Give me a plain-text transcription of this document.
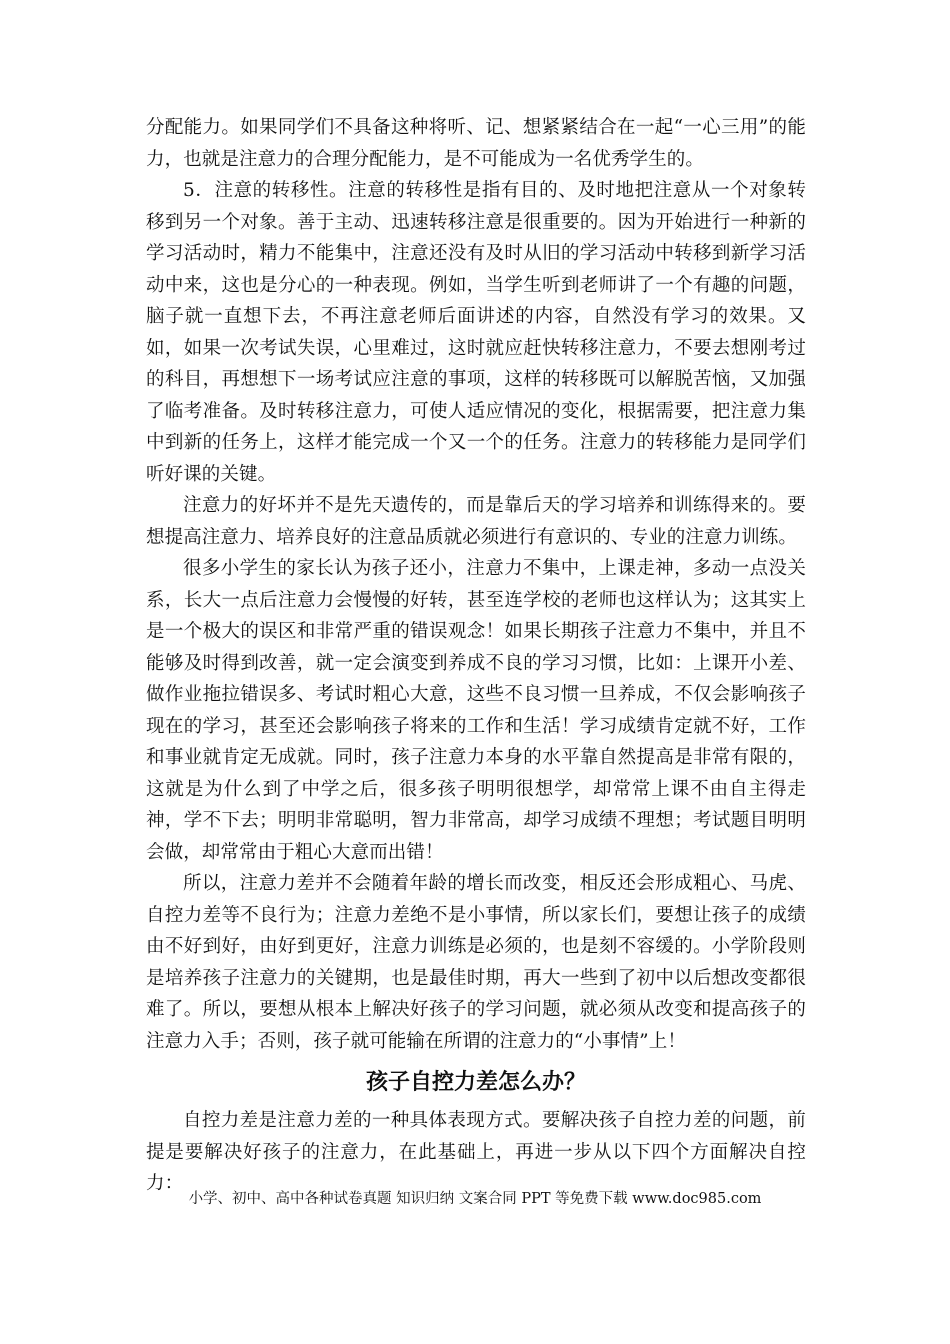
分配能力。如果同学们不具备这种将听、记、想紧紧结合在一起“一心三用”的能力，也就是注意力的合理分配能力，是不可能成为一名优秀学生的。

5．注意的转移性。注意的转移性是指有目的、及时地把注意从一个对象转移到另一个对象。善于主动、迅速转移注意是很重要的。因为开始进行一种新的学习活动时，精力不能集中，注意还没有及时从旧的学习活动中转移到新学习活动中来，这也是分心的一种表现。例如，当学生听到老师讲了一个有趣的问题，脑子就一直想下去，不再注意老师后面讲述的内容，自然没有学习的效果。又如，如果一次考试失误，心里难过，这时就应赶快转移注意力，不要去想刚考过的科目，再想想下一场考试应注意的事项，这样的转移既可以解脱苦恼，又加强了临考准备。及时转移注意力，可使人适应情况的变化，根据需要，把注意力集中到新的任务上，这样才能完成一个又一个的任务。注意力的转移能力是同学们听好课的关键。

注意力的好坏并不是先天遗传的，而是靠后天的学习培养和训练得来的。要想提高注意力、培养良好的注意品质就必须进行有意识的、专业的注意力训练。

很多小学生的家长认为孩子还小，注意力不集中，上课走神，多动一点没关系，长大一点后注意力会慢慢的好转，甚至连学校的老师也这样认为；这其实上是一个极大的误区和非常严重的错误观念！如果长期孩子注意力不集中，并且不能够及时得到改善，就一定会演变到养成不良的学习习惯，比如：上课开小差、做作业拖拉错误多、考试时粗心大意，这些不良习惯一旦养成，不仅会影响孩子现在的学习，甚至还会影响孩子将来的工作和生活！学习成绩肯定就不好，工作和事业就肯定无成就。同时，孩子注意力本身的水平靠自然提高是非常有限的，这就是为什么到了中学之后，很多孩子明明很想学，却常常上课不由自主得走神，学不下去；明明非常聪明，智力非常高，却学习成绩不理想；考试题目明明会做，却常常由于粗心大意而出错！

所以，注意力差并不会随着年龄的增长而改变，相反还会形成粗心、马虎、自控力差等不良行为；注意力差绝不是小事情，所以家长们，要想让孩子的成绩由不好到好，由好到更好，注意力训练是必须的，也是刻不容缓的。小学阶段则是培养孩子注意力的关键期，也是最佳时期，再大一些到了初中以后想改变都很难了。所以，要想从根本上解决好孩子的学习问题，就必须从改变和提高孩子的注意力入手；否则，孩子就可能输在所谓的注意力的“小事情”上！

孩子自控力差怎么办？

自控力差是注意力差的一种具体表现方式。要解决孩子自控力差的问题，前提是要解决好孩子的注意力，在此基础上，再进一步从以下四个方面解决自控力：

小学、初中、高中各种试卷真题 知识归纳 文案合同 PPT 等免费下载 www.doc985.com
